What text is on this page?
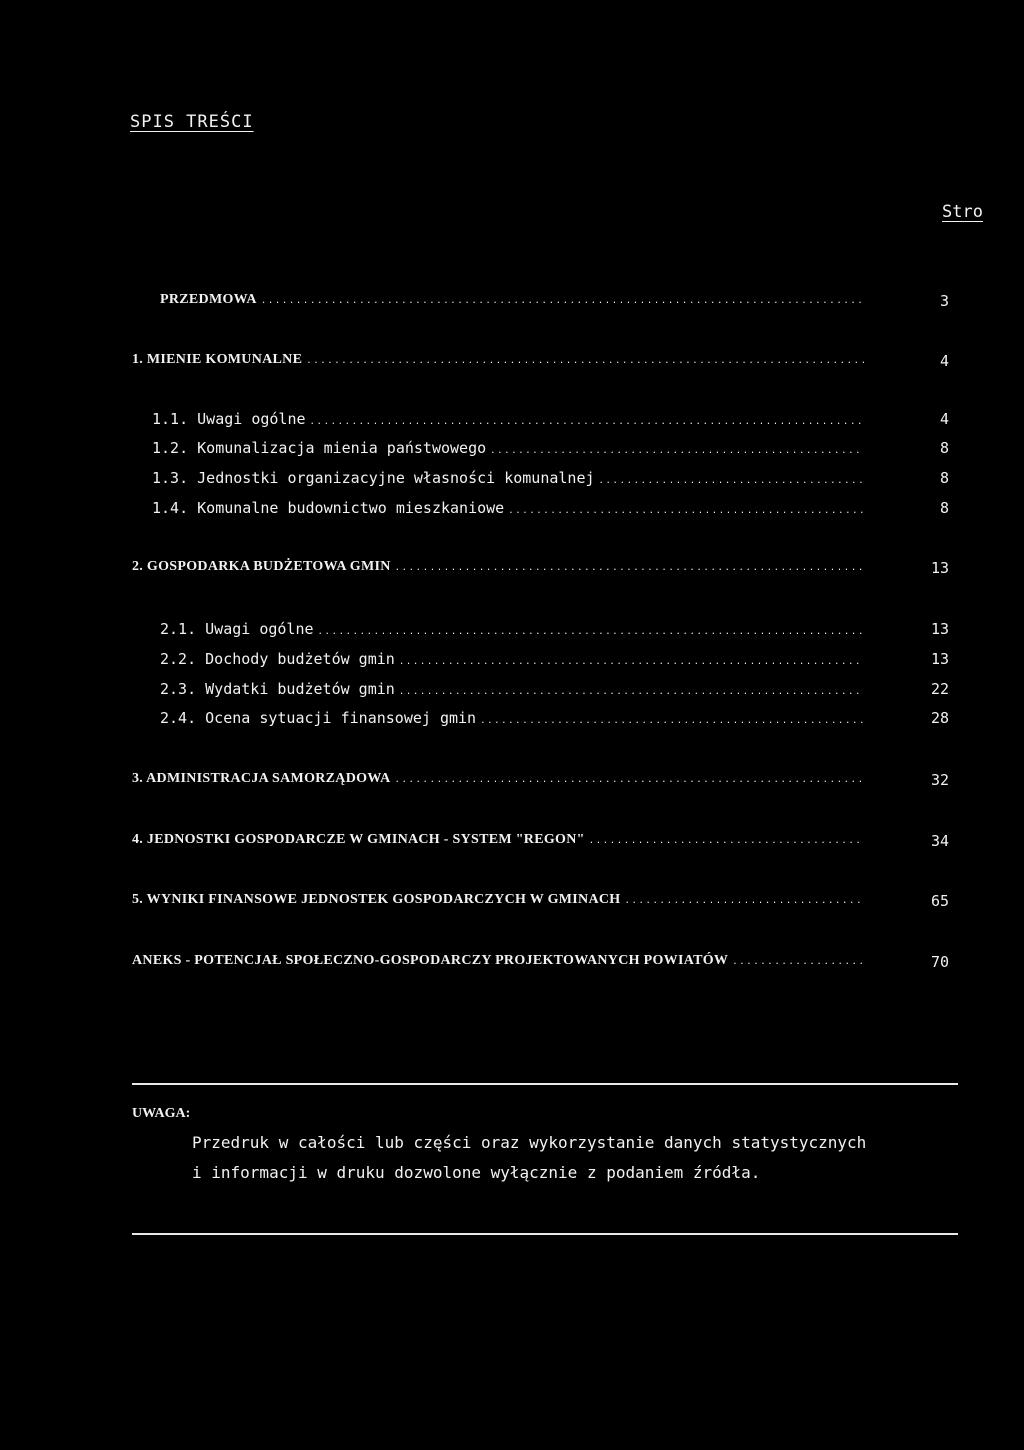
SPIS TREŚCI
Stro
PRZEDMOWA .....	3
1. MIENIE KOMUNALNE .....	4
1.1. Uwagi ogólne .....	4
1.2. Komunalizacja mienia państwowego .....	8
1.3. Jednostki organizacyjne własności komunalnej .....	8
1.4. Komunalne budownictwo mieszkaniowe .....	8
2. GOSPODARKA BUDŻETOWA GMIN .....	13
2.1. Uwagi ogólne .....	13
2.2. Dochody budżetów gmin .....	13
2.3. Wydatki budżetów gmin .....	22
2.4. Ocena sytuacji finansowej gmin .....	28
3. ADMINISTRACJA SAMORZĄDOWA .....	32
4. JEDNOSTKI GOSPODARCZE W GMINACH - SYSTEM "REGON" .....	34
5. WYNIKI FINANSOWE JEDNOSTEK GOSPODARCZYCH W GMINACH .....	65
ANEKS - POTENCJAŁ SPOŁECZNO-GOSPODARCZY PROJEKTOWANYCH POWIATÓW .....	70
UWAGA:
Przedruk w całości lub części oraz wykorzystanie danych statystycznych
i informacji w druku dozwolone wyłącznie z podaniem źródła.
